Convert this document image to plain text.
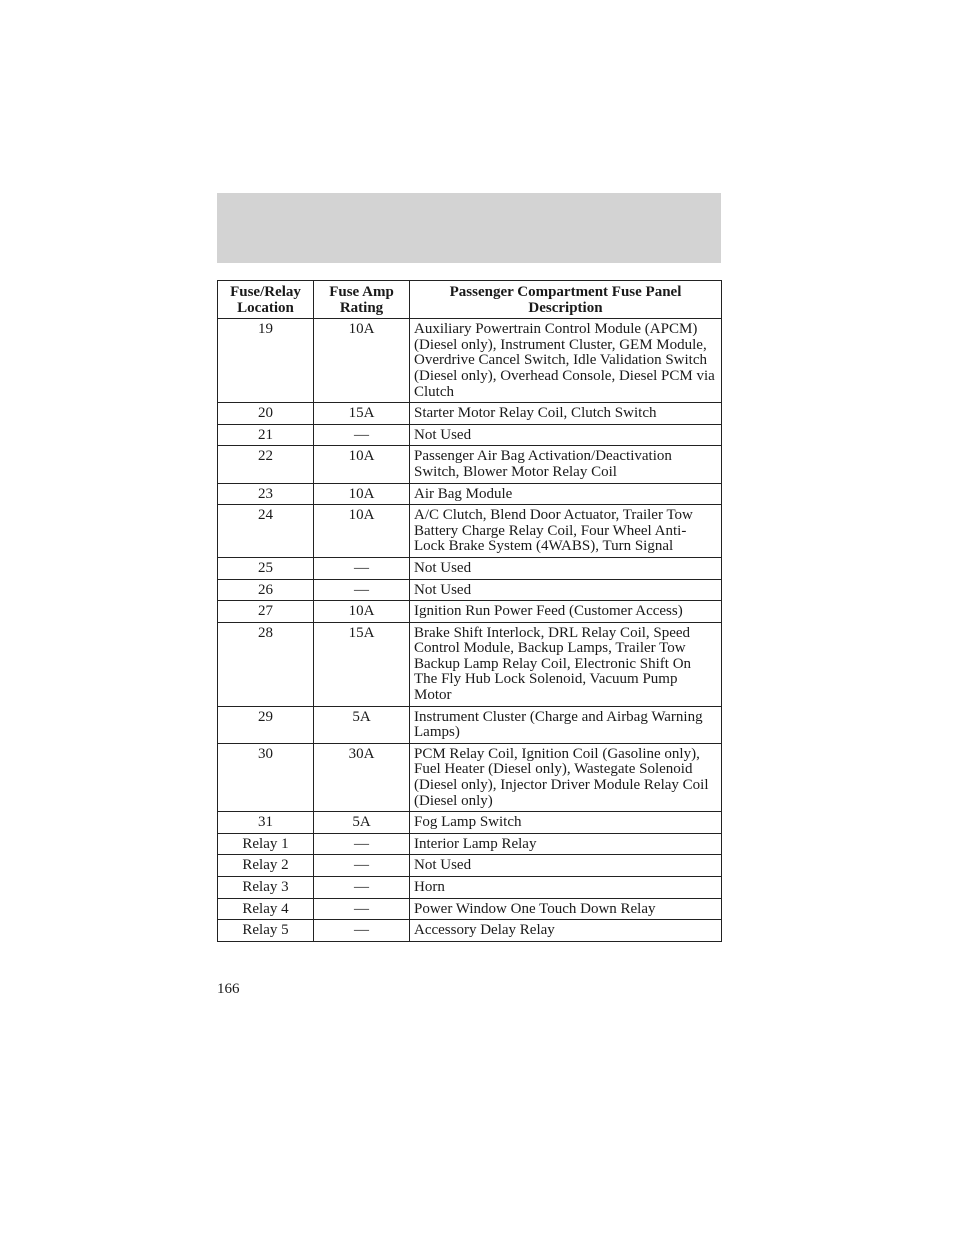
Fuse/Relay Location	Fuse Amp Rating	Passenger Compartment Fuse Panel Description
19	10A	Auxiliary Powertrain Control Module (APCM) (Diesel only), Instrument Cluster, GEM Module, Overdrive Cancel Switch, Idle Validation Switch (Diesel only), Overhead Console, Diesel PCM via Clutch
20	15A	Starter Motor Relay Coil, Clutch Switch
21	—	Not Used
22	10A	Passenger Air Bag Activation/Deactivation Switch, Blower Motor Relay Coil
23	10A	Air Bag Module
24	10A	A/C Clutch, Blend Door Actuator, Trailer Tow Battery Charge Relay Coil, Four Wheel Anti-Lock Brake System (4WABS), Turn Signal
25	—	Not Used
26	—	Not Used
27	10A	Ignition Run Power Feed (Customer Access)
28	15A	Brake Shift Interlock, DRL Relay Coil, Speed Control Module, Backup Lamps, Trailer Tow Backup Lamp Relay Coil, Electronic Shift On The Fly Hub Lock Solenoid, Vacuum Pump Motor
29	5A	Instrument Cluster (Charge and Airbag Warning Lamps)
30	30A	PCM Relay Coil, Ignition Coil (Gasoline only), Fuel Heater (Diesel only), Wastegate Solenoid (Diesel only), Injector Driver Module Relay Coil (Diesel only)
31	5A	Fog Lamp Switch
Relay 1	—	Interior Lamp Relay
Relay 2	—	Not Used
Relay 3	—	Horn
Relay 4	—	Power Window One Touch Down Relay
Relay 5	—	Accessory Delay Relay
166
